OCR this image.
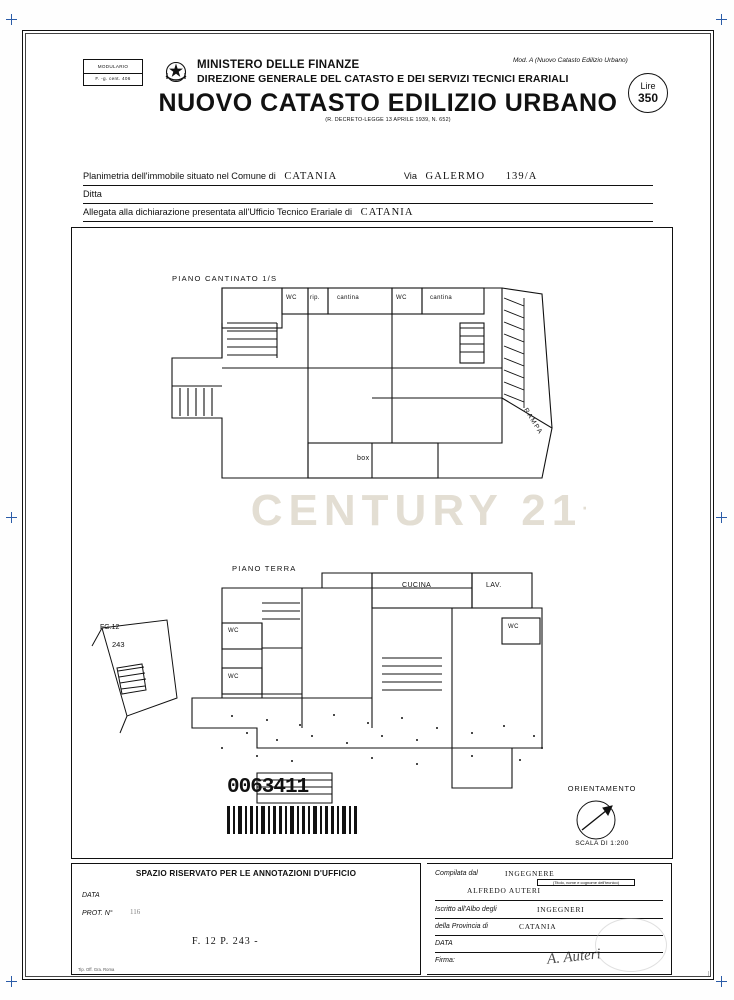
MODULARIO
F. -g. cent. 406
MINISTERO DELLE FINANZE
DIREZIONE GENERALE DEL CATASTO E DEI SERVIZI TECNICI ERARIALI
Mod. A (Nuovo Catasto Edilizio Urbano)
Lire
350
NUOVO CATASTO EDILIZIO URBANO
(R. DECRETO-LEGGE 13 APRILE 1939, N. 652)
Planimetria dell'immobile situato nel Comune di CATANIA	Via GALERMO 139/A
Ditta
Allegata alla dichiarazione presentata all'Ufficio Tecnico Erariale di CATANIA
PIANO CANTINATO 1/S
WC rip.	cantina	WC	cantina
box
RAMPA
PIANO TERRA
CUCINA	LAV.
WC
WC
WC
FG.12
243
0063411
CENTURY 21.
ORIENTAMENTO
SCALA DI 1:200
SPAZIO RISERVATO PER LE ANNOTAZIONI D'UFFICIO
DATA
PROT. N° 116
F. 12 P. 243 -
Tip. Off. Gra. Roma
Compilata dal	INGEGNERE
(Titolo, nome e cognome dell'tecnico)
ALFREDO AUTERI
Iscritto all'Albo degli	INGEGNERI
della Provincia di	CATANIA
DATA
Firma:	A. Auteri
|
